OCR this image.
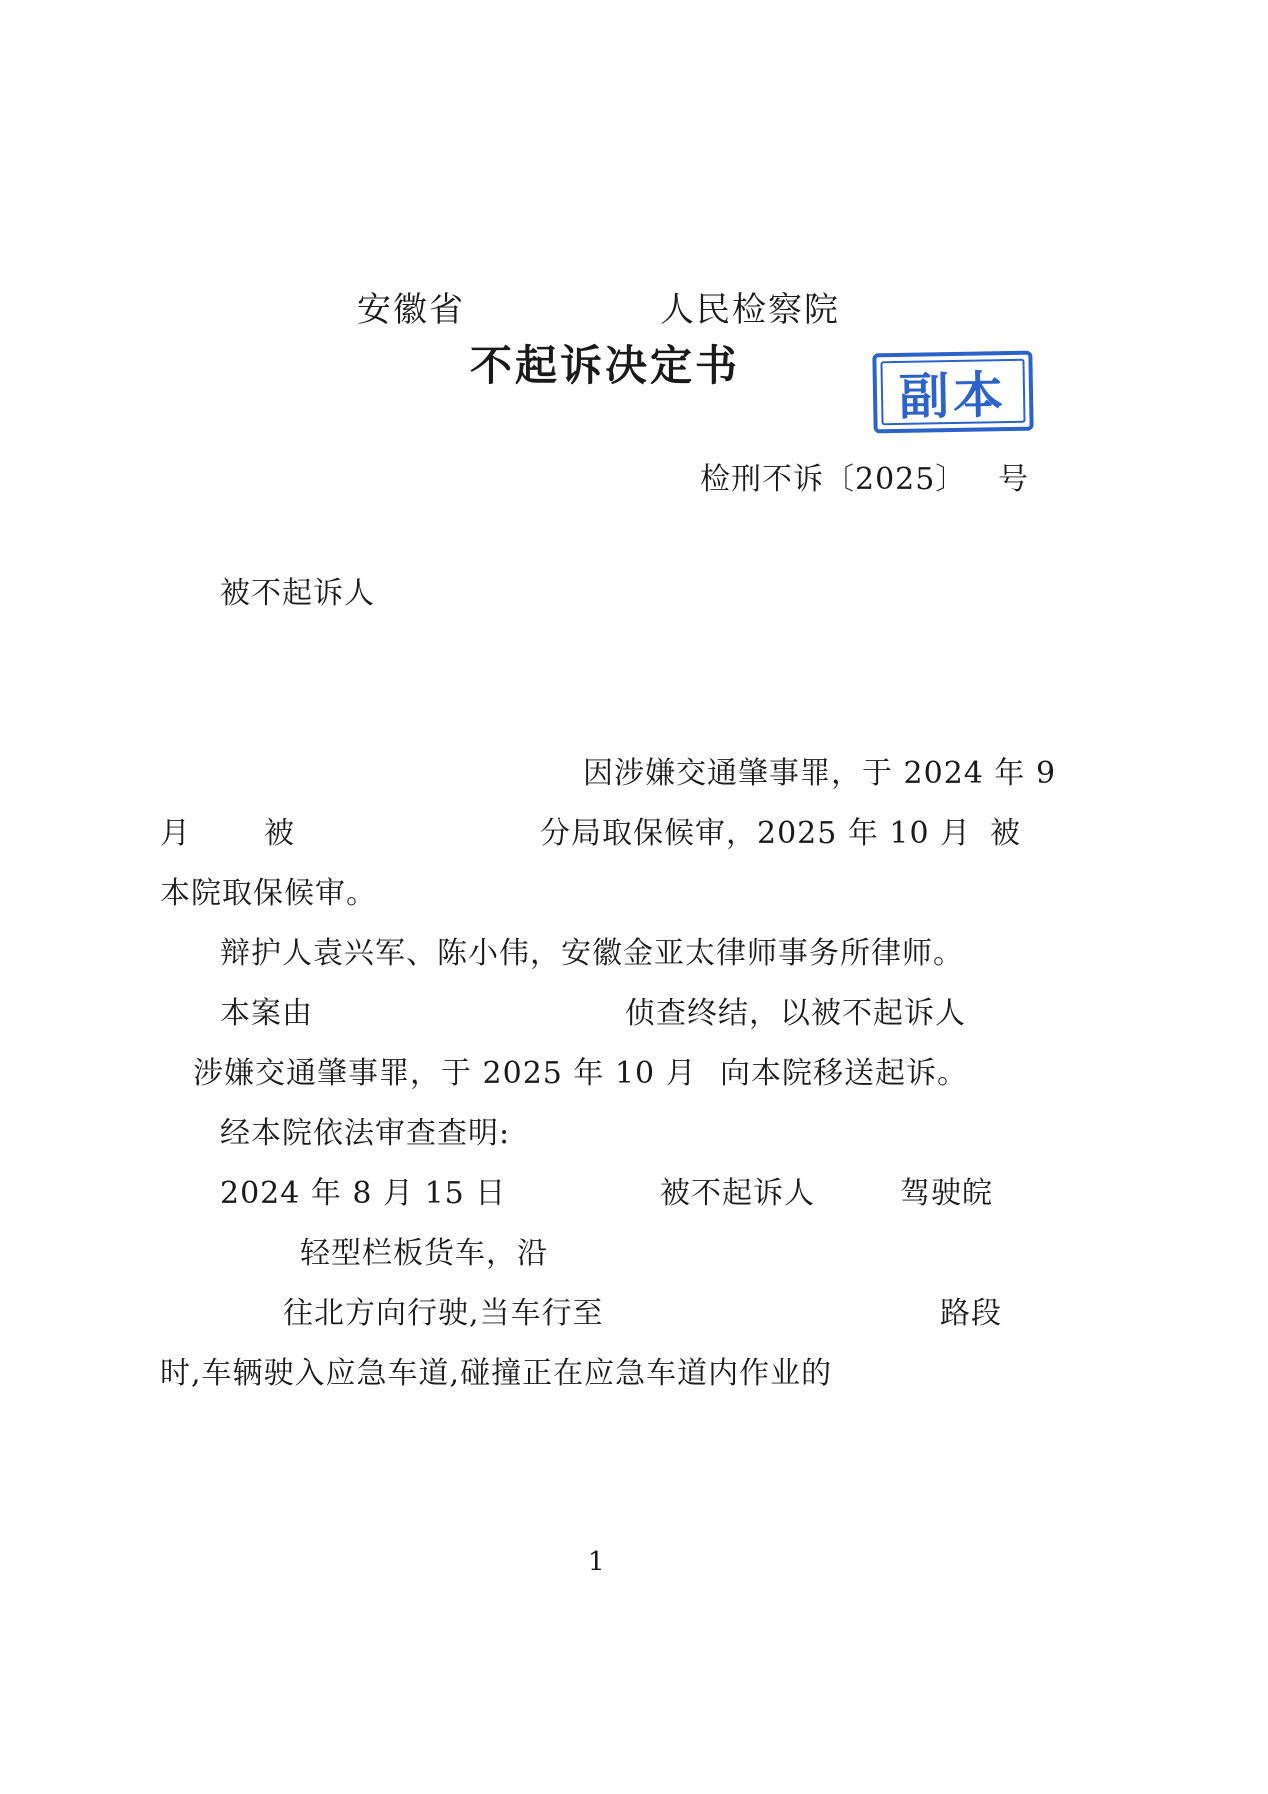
安徽省	人民检察院
不起诉决定书
副本
检刑不诉〔2025〕 号
被不起诉人
因涉嫌交通肇事罪，于 2024 年 9
月 被	分局取保候审，2025 年 10 月 被
本院取保候审。
辩护人袁兴军、陈小伟，安徽金亚太律师事务所律师。
本案由	侦查终结，以被不起诉人
涉嫌交通肇事罪，于 2025 年 10 月 向本院移送起诉。
经本院依法审查查明:
2024 年 8 月 15 日	被不起诉人	驾驶皖
轻型栏板货车，沿
往北方向行驶,当车行至	路段
时,车辆驶入应急车道,碰撞正在应急车道内作业的
1
